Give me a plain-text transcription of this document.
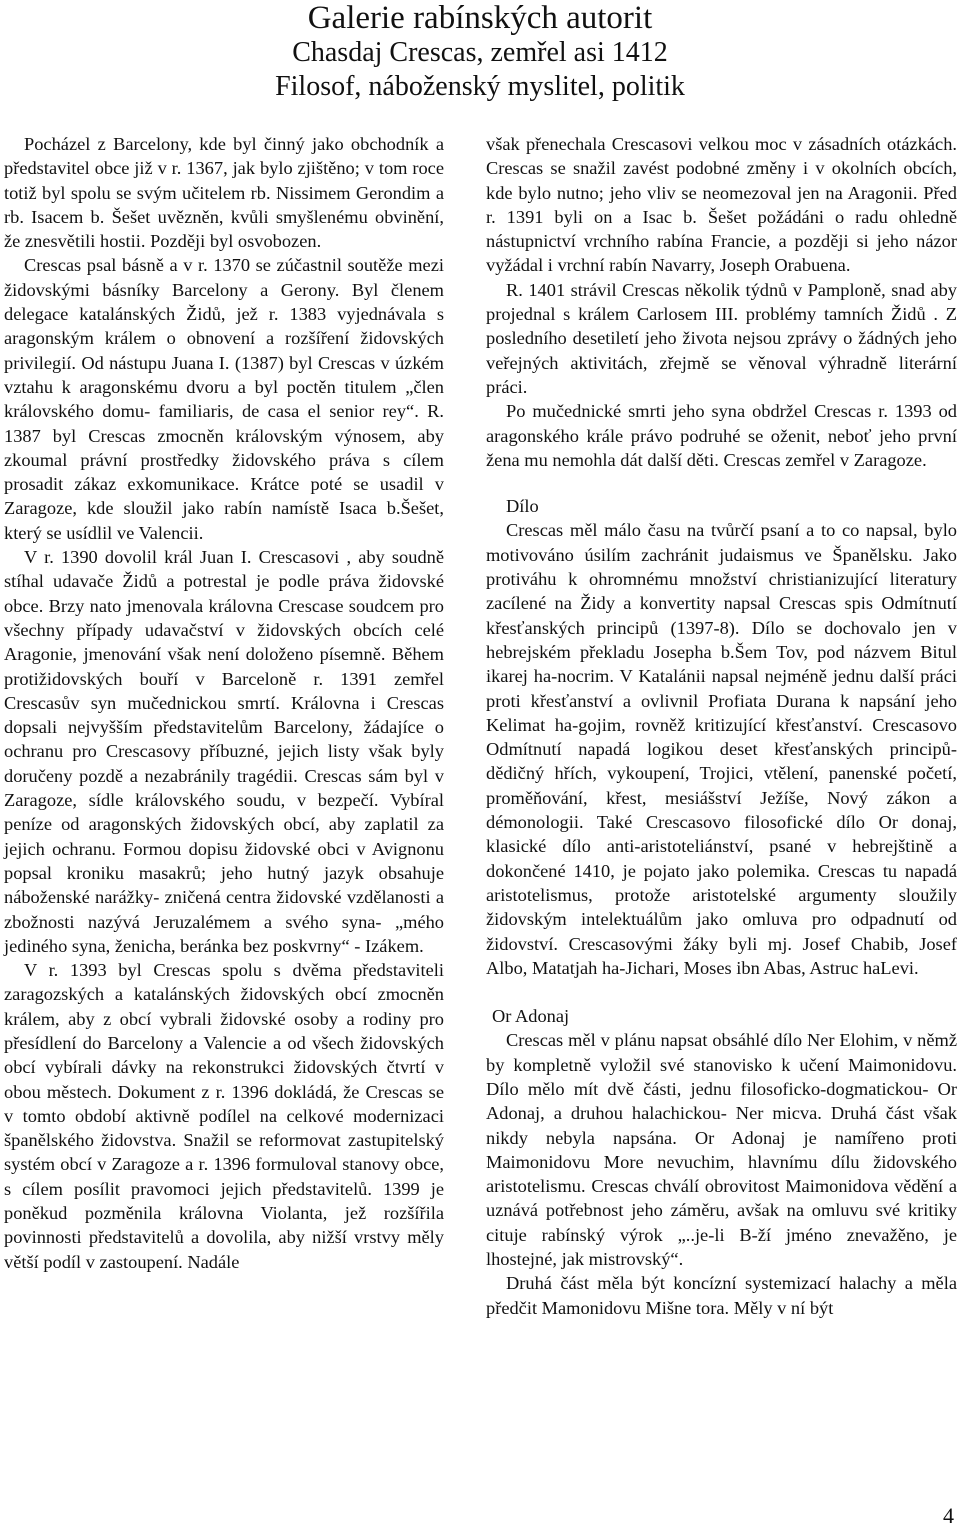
Galerie rabínských autorit
Chasdaj Crescas, zemřel asi 1412
Filosof, náboženský myslitel, politik

Pocházel z Barcelony, kde byl činný jako obchodník a představitel obce již v r. 1367, jak bylo zjištěno; v tom roce totiž byl spolu se svým učitelem rb. Nissimem Gerondim a rb. Isacem b. Šešet uvězněn, kvůli smyšlenému obvinění, že znesvětili hostii. Později byl osvobozen.

Crescas psal básně a v r. 1370 se zúčastnil soutěže mezi židovskými básníky Barcelony a Gerony. Byl členem delegace katalánských Židů, jež r. 1383 vyjednávala s aragonským králem o obnovení a rozšíření židovských privilegií. Od nástupu Juana I. (1387) byl Crescas v úzkém vztahu k aragonskému dvoru a byl poctěn titulem „člen královského domu- familiaris, de casa el senior rey“. R. 1387 byl Crescas zmocněn královským výnosem, aby zkoumal právní prostředky židovského práva s cílem prosadit zákaz exkomunikace. Krátce poté se usadil v Zaragoze, kde sloužil jako rabín namístě Isaca b.Šešet, který se usídlil ve Valencii.

V r. 1390 dovolil král Juan I. Crescasovi , aby soudně stíhal udavače Židů a potrestal je podle práva židovské obce. Brzy nato jmenovala královna Crescase soudcem pro všechny případy udavačství v židovských obcích celé Aragonie, jmenování však není doloženo písemně. Během protižidovských bouří v Barceloně r. 1391 zemřel Crescasův syn mučednickou smrtí. Královna i Crescas dopsali nejvyšším představitelům Barcelony, žádajíce o ochranu pro Crescasovy příbuzné, jejich listy však byly doručeny pozdě a nezabránily tragédii. Crescas sám byl v Zaragoze, sídle královského soudu, v bezpečí. Vybíral peníze od aragonských židovských obcí, aby zaplatil za jejich ochranu. Formou dopisu židovské obci v Avignonu popsal kroniku masakrů; jeho hutný jazyk obsahuje náboženské narážky- zničená centra židovské vzdělanosti a zbožnosti nazývá Jeruzalémem a svého syna- „mého jediného syna, ženicha, beránka bez poskvrny“ - Izákem.

V r. 1393 byl Crescas spolu s dvěma představiteli zaragozských a katalánských židovských obcí zmocněn králem, aby z obcí vybrali židovské osoby a rodiny pro přesídlení do Barcelony a Valencie a od všech židovských obcí vybírali dávky na rekonstrukci židovských čtvrtí v obou městech. Dokument z r. 1396 dokládá, že Crescas se v tomto období aktivně podílel na celkové modernizaci španělského židovstva. Snažil se reformovat zastupitelský systém obcí v Zaragoze a r. 1396 formuloval stanovy obce, s cílem posílit pravomoci jejich představitelů. 1399 je poněkud pozměnila královna Violanta, jež rozšířila povinnosti představitelů a dovolila, aby nižší vrstvy měly větší podíl v zastoupení. Nadále

však přenechala Crescasovi velkou moc v zásadních otázkách. Crescas se snažil zavést podobné změny i v okolních obcích, kde bylo nutno; jeho vliv se neomezoval jen na Aragonii. Před r. 1391 byli on a Isac b. Šešet požádáni o radu ohledně nástupnictví vrchního rabína Francie, a později si jeho názor vyžádal i vrchní rabín Navarry, Joseph Orabuena.

R. 1401 strávil Crescas několik týdnů v Pamploně, snad aby projednal s králem Carlosem III. problémy tamních Židů . Z posledního desetiletí jeho života nejsou zprávy o žádných jeho veřejných aktivitách, zřejmě se věnoval výhradně literární práci.

Po mučednické smrti jeho syna obdržel Crescas r. 1393 od aragonského krále právo podruhé se oženit, neboť jeho první žena mu nemohla dát další děti. Crescas zemřel v Zaragoze.

Dílo

Crescas měl málo času na tvůrčí psaní a to co napsal, bylo motivováno úsilím zachránit judaismus ve Španělsku. Jako protiváhu k ohromnému množství christianizující literatury zacílené na Židy a konvertity napsal Crescas spis Odmítnutí křesťanských principů (1397-8). Dílo se dochovalo jen v hebrejském překladu Josepha b.Šem Tov, pod názvem Bitul ikarej ha-nocrim. V Katalánii napsal nejméně jednu další práci proti křesťanství a ovlivnil Profiata Durana k napsání jeho Kelimat ha-gojim, rovněž kritizující křesťanství. Crescasovo Odmítnutí napadá logikou deset křesťanských principů- dědičný hřích, vykoupení, Trojici, vtělení, panenské početí, proměňování, křest, mesiášství Ježíše, Nový zákon a démonologii. Také Crescasovo filosofické dílo Or donaj, klasické dílo anti-aristoteliánství, psané v hebrejštině a dokončené 1410, je pojato jako polemika. Crescas tu napadá aristotelismus, protože aristotelské argumenty sloužily židovským intelektuálům jako omluva pro odpadnutí od židovství. Crescasovými žáky byli mj. Josef Chabib, Josef Albo, Matatjah ha-Jichari, Moses ibn Abas, Astruc haLevi.

Or Adonaj

Crescas měl v plánu napsat obsáhlé dílo Ner Elohim, v němž by kompletně vyložil své stanovisko k učení Maimonidovu. Dílo mělo mít dvě části, jednu filosoficko-dogmatickou- Or Adonaj, a druhou halachickou- Ner micva. Druhá část však nikdy nebyla napsána. Or Adonaj je namířeno proti Maimonidovu More nevuchim, hlavnímu dílu židovského aristotelismu. Crescas chválí obrovitost Maimonidova vědění a uznává potřebnost jeho záměru, avšak na omluvu své kritiky cituje rabínský výrok „..je-li B-ží jméno znevažěno, je lhostejné, jak mistrovský“.

Druhá část měla být koncízní systemizací halachy a měla předčit Mamonidovu Mišne tora. Měly v ní být

4
